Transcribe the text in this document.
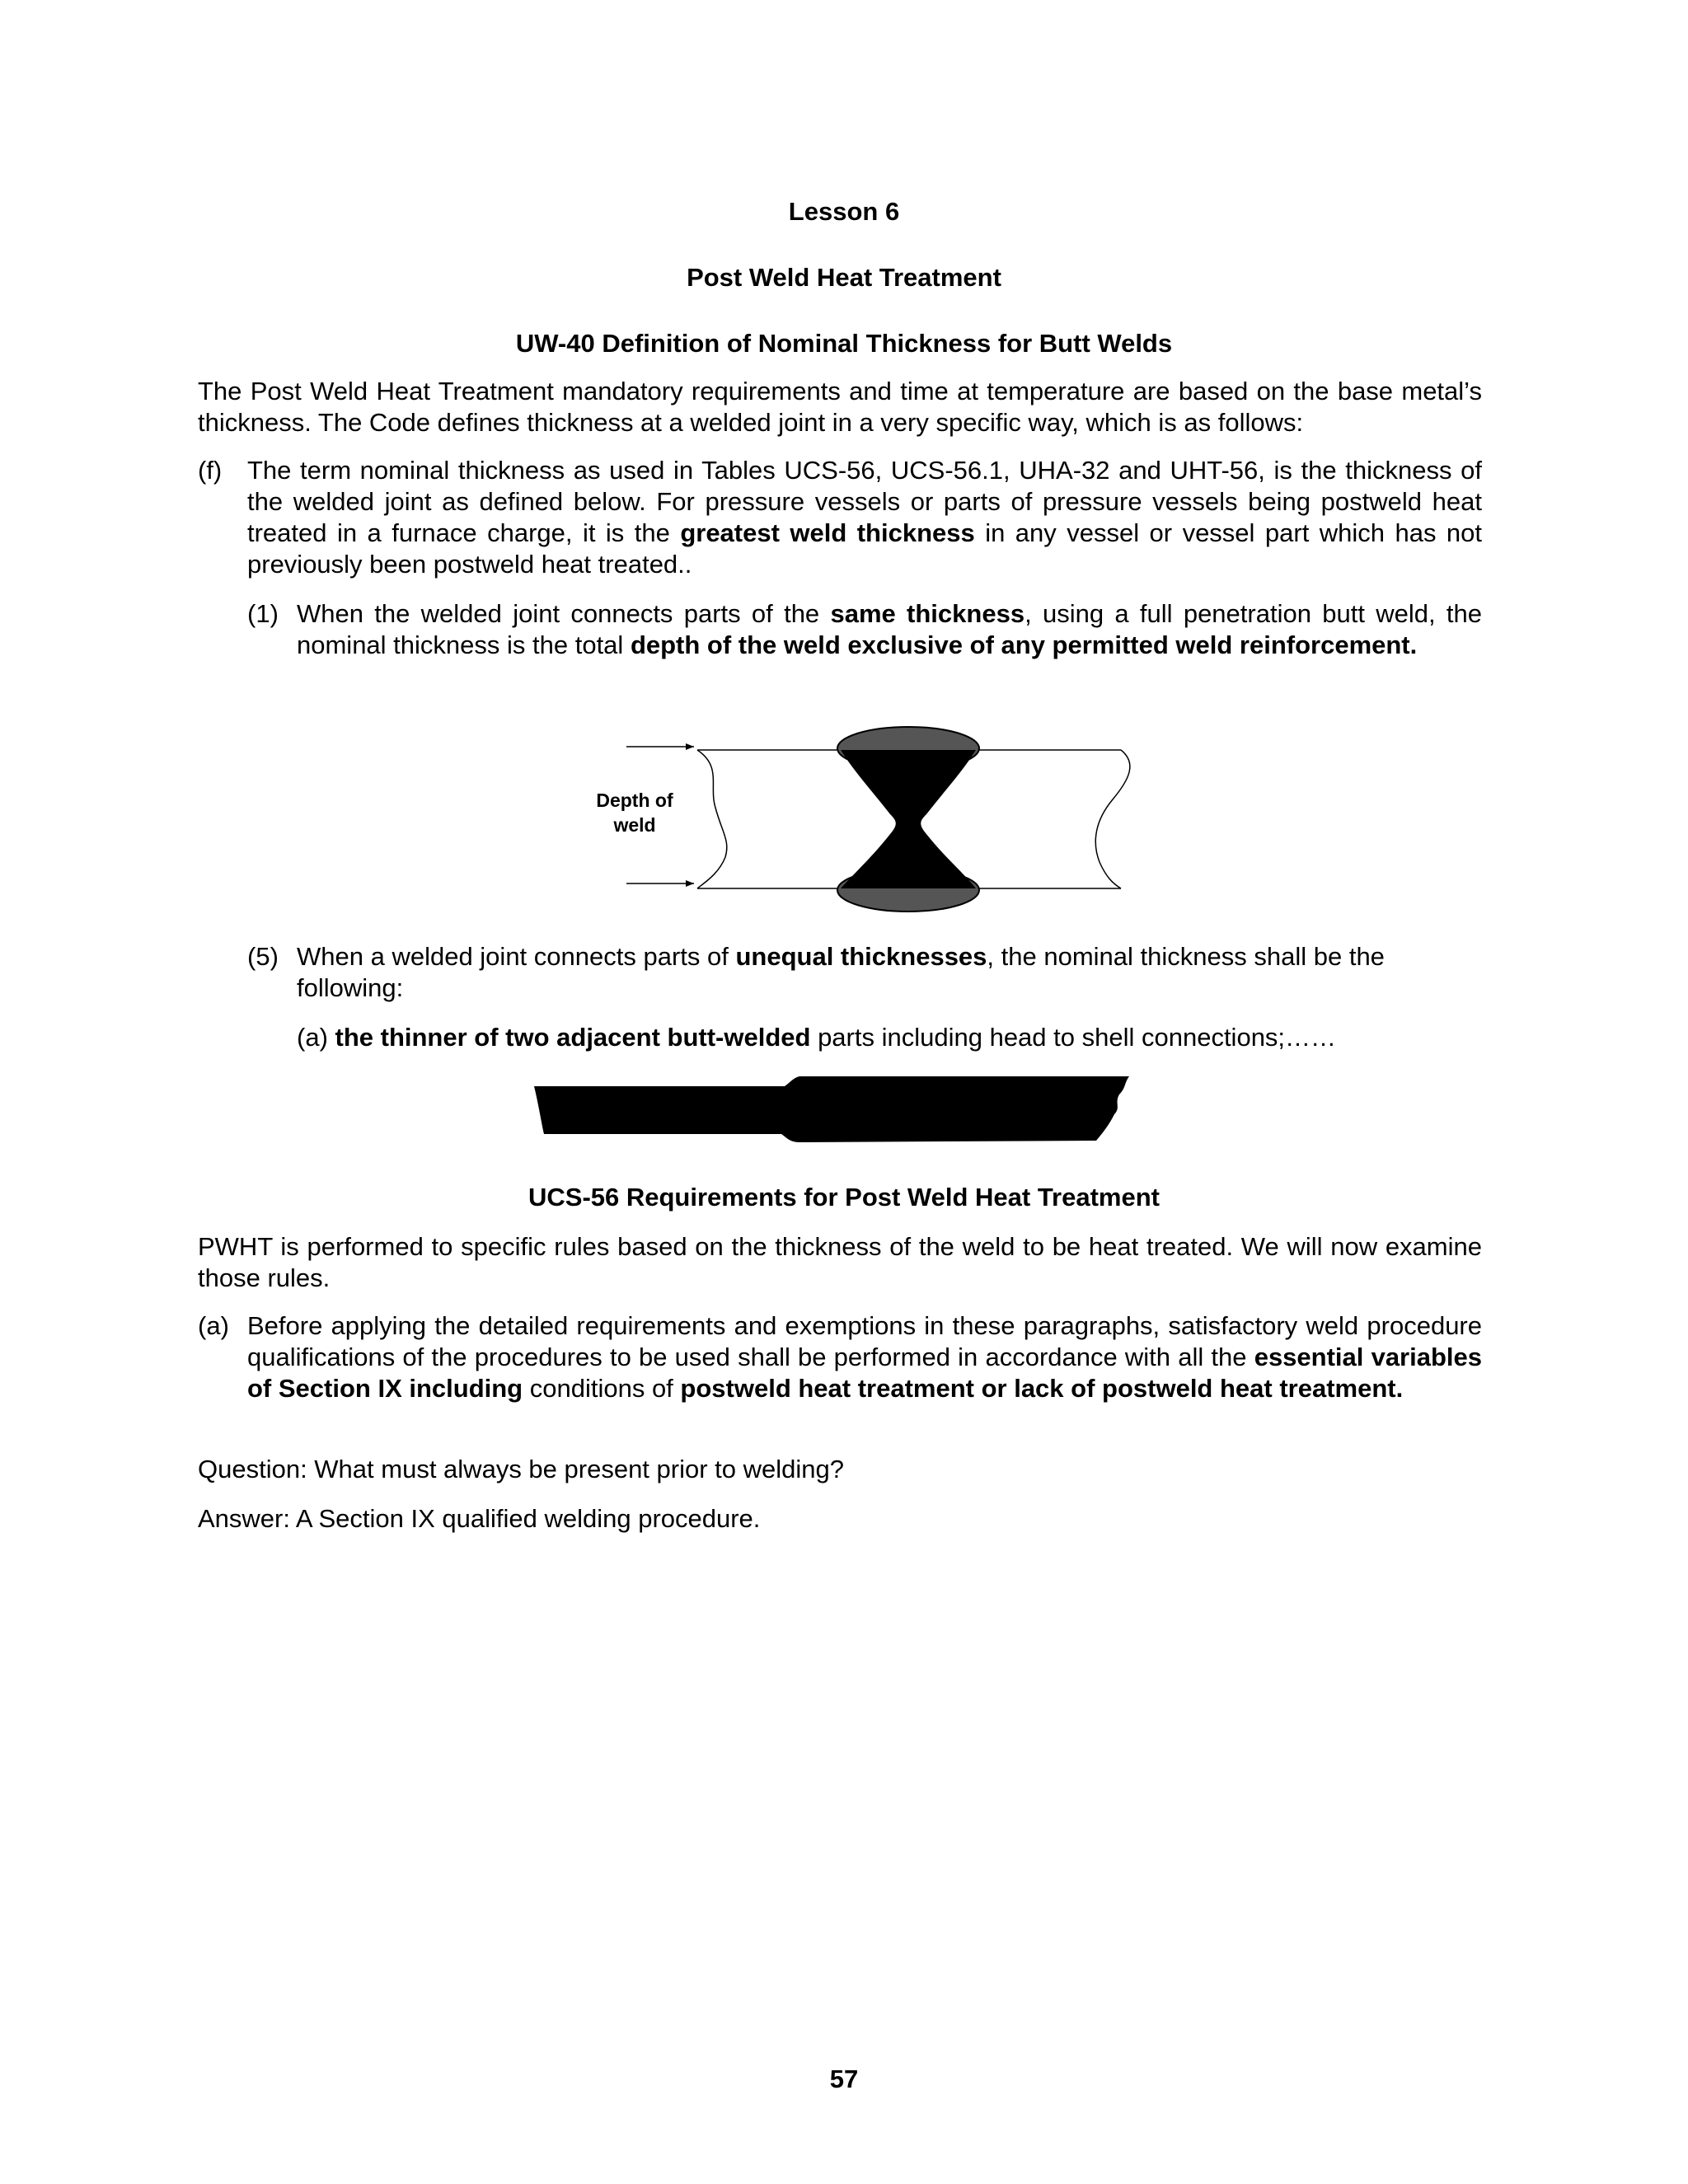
Lesson 6
Post Weld Heat Treatment
UW-40 Definition of Nominal Thickness for Butt Welds

The Post Weld Heat Treatment mandatory requirements and time at temperature are based on the base metal’s thickness. The Code defines thickness at a welded joint in a very specific way, which is as follows:

(f) The term nominal thickness as used in Tables UCS-56, UCS-56.1, UHA-32 and UHT-56, is the thickness of the welded joint as defined below. For pressure vessels or parts of pressure vessels being postweld heat treated in a furnace charge, it is the greatest weld thickness in any vessel or vessel part which has not previously been postweld heat treated..

(1) When the welded joint connects parts of the same thickness, using a full penetration butt weld, the nominal thickness is the total depth of the weld exclusive of any permitted weld reinforcement.

Depth of
weld
(5) When a welded joint connects parts of unequal thicknesses, the nominal thickness shall be the following:

(a) the thinner of two adjacent butt-welded parts including head to shell connections;……

UCS-56 Requirements for Post Weld Heat Treatment

PWHT is performed to specific rules based on the thickness of the weld to be heat treated. We will now examine those rules.

(a) Before applying the detailed requirements and exemptions in these paragraphs, satisfactory weld procedure qualifications of the procedures to be used shall be performed in accordance with all the essential variables of Section IX including conditions of postweld heat treatment or lack of postweld heat treatment.

Question: What must always be present prior to welding?

Answer: A Section IX qualified welding procedure.

57
